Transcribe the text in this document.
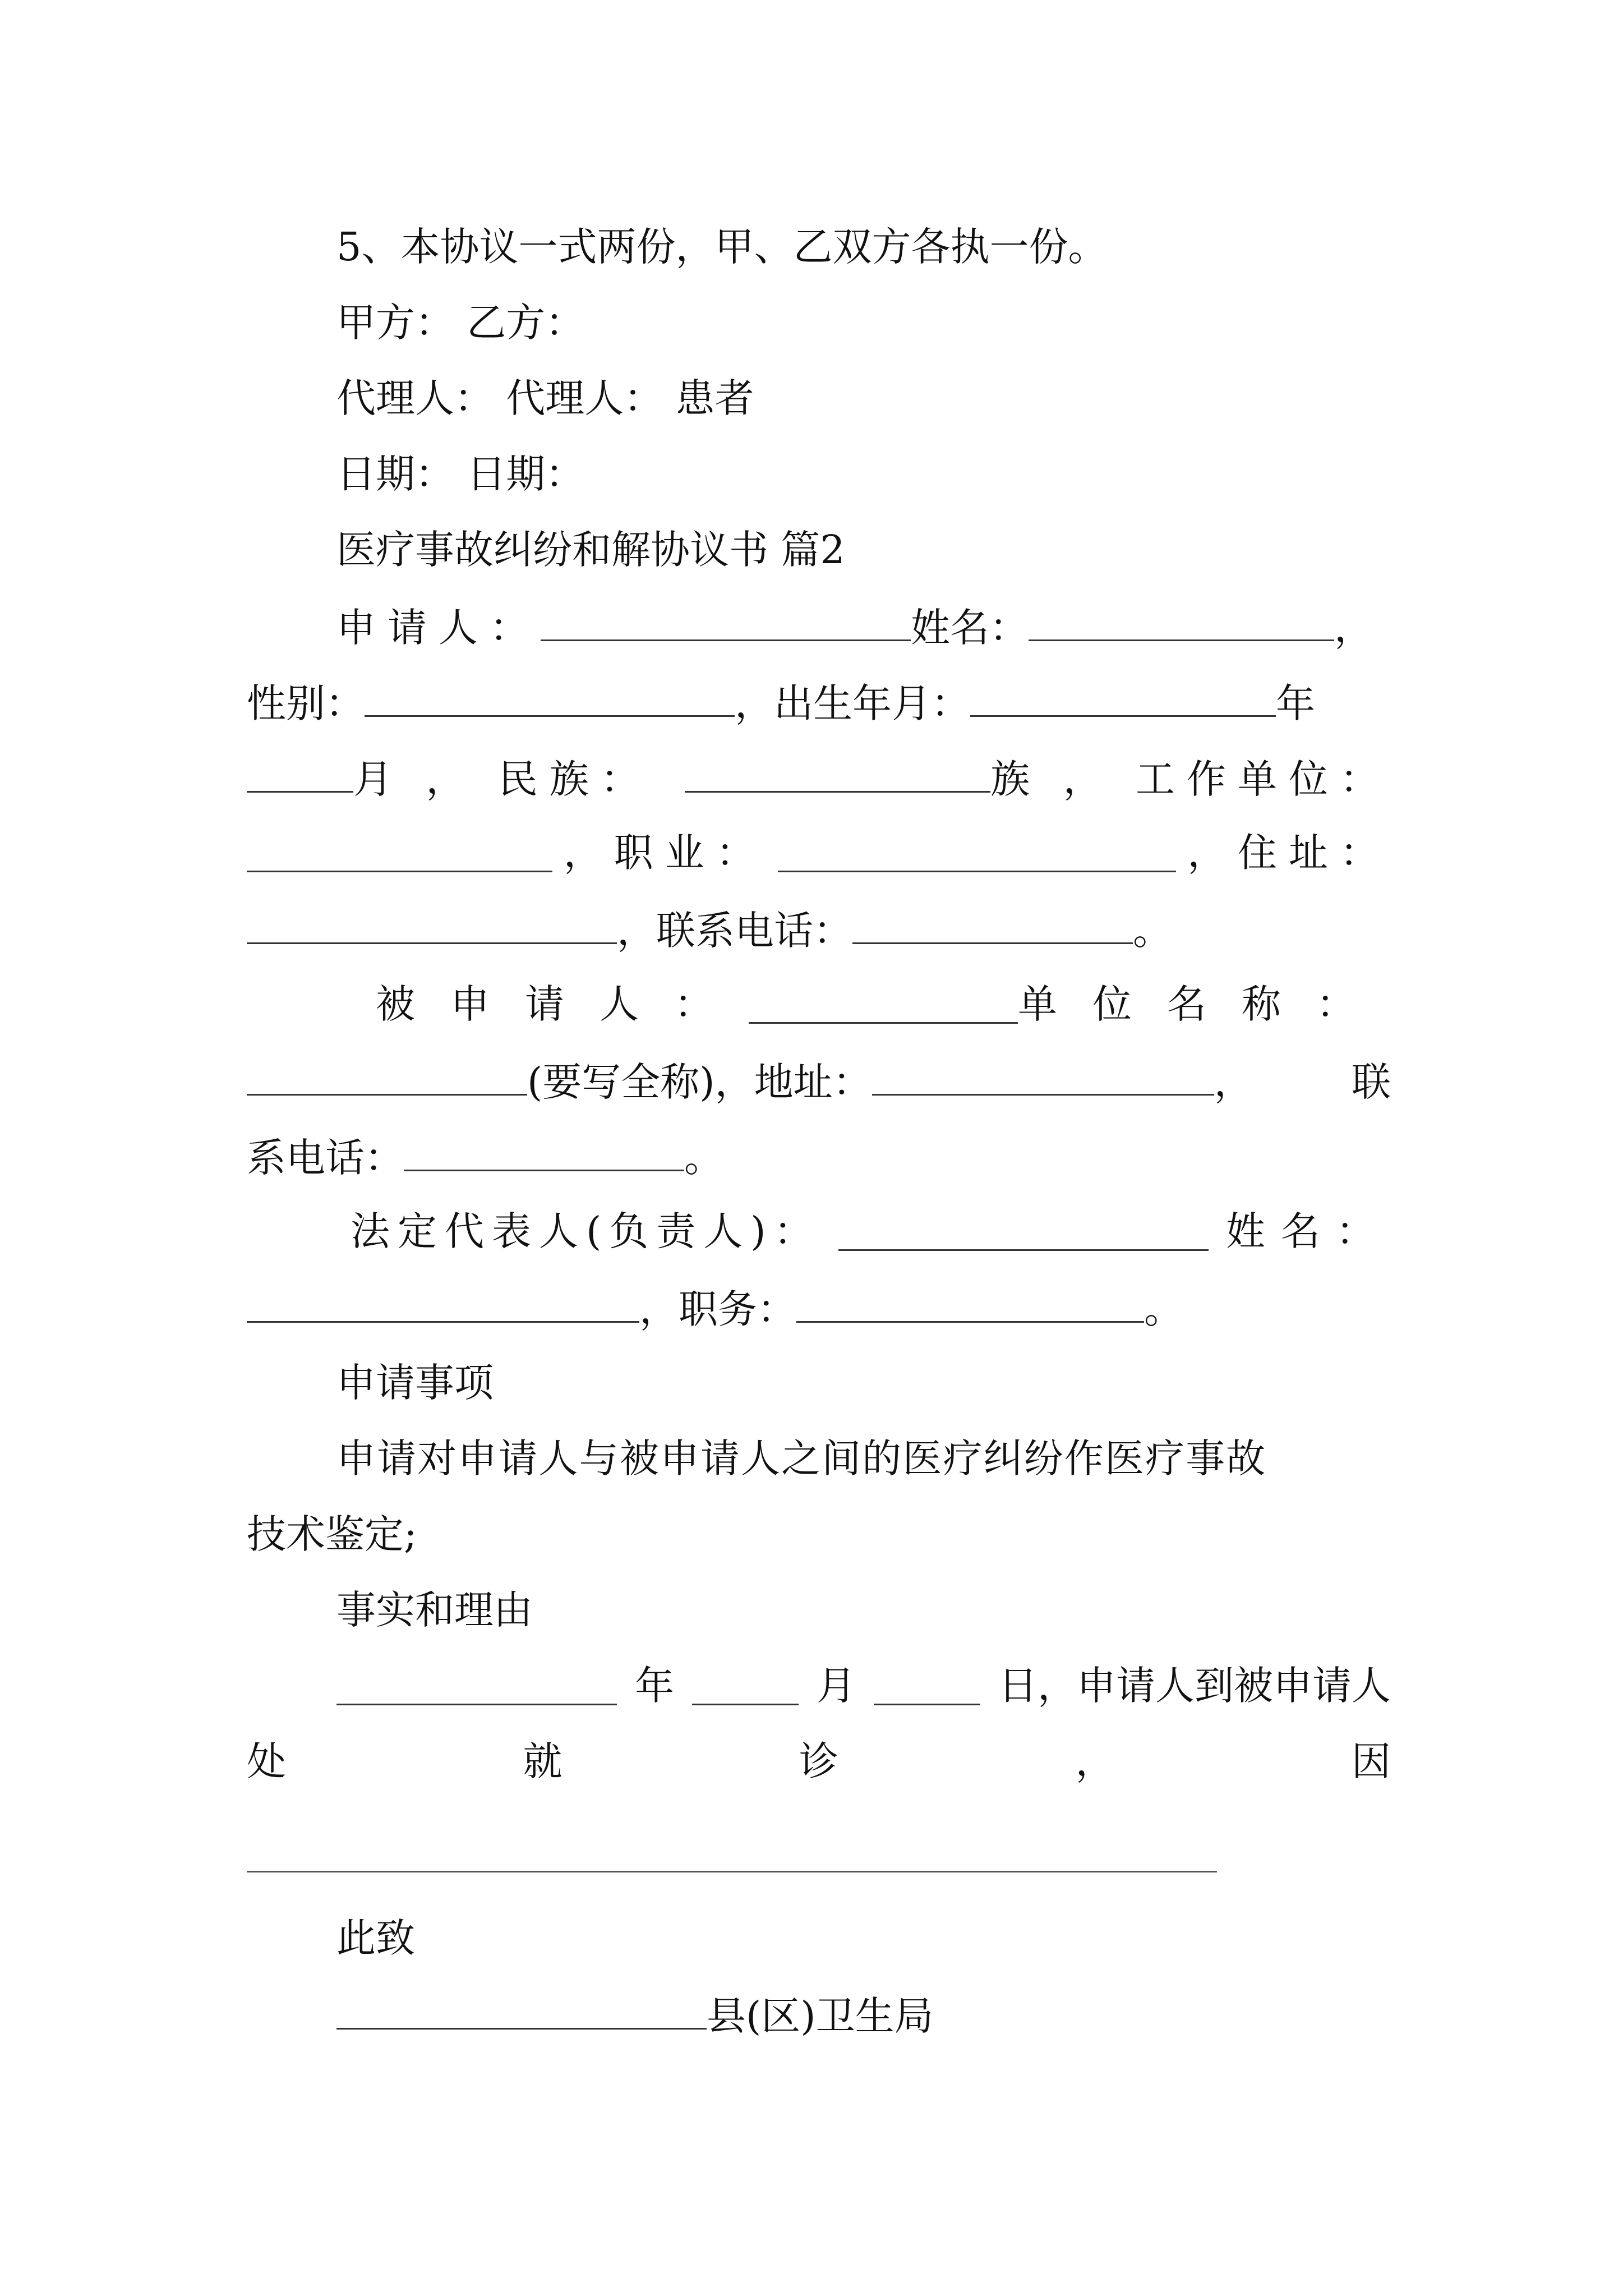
5、本协议一式两份，甲、乙双方各执一份。
甲方： 乙方：
代理人： 代理人： 患者
日期： 日期：
医疗事故纠纷和解协议书 篇2
申请人：	姓名：	，
性别：	，出生年月：	年
月 ， 民族：	族 ， 工作单位：
， 职业：	， 住址：
，联系电话：	。
被申请人：	单位名称：
(要写全称)，地址：	，	联
系电话：	。
法定代表人(负责人)：	姓名：
，职务：	。
申请事项
申请对申请人与被申请人之间的医疗纠纷作医疗事故
技术鉴定;
事实和理由
年	月	日，申请人到被申请人
处	就	诊	，	因
此致
县(区)卫生局
